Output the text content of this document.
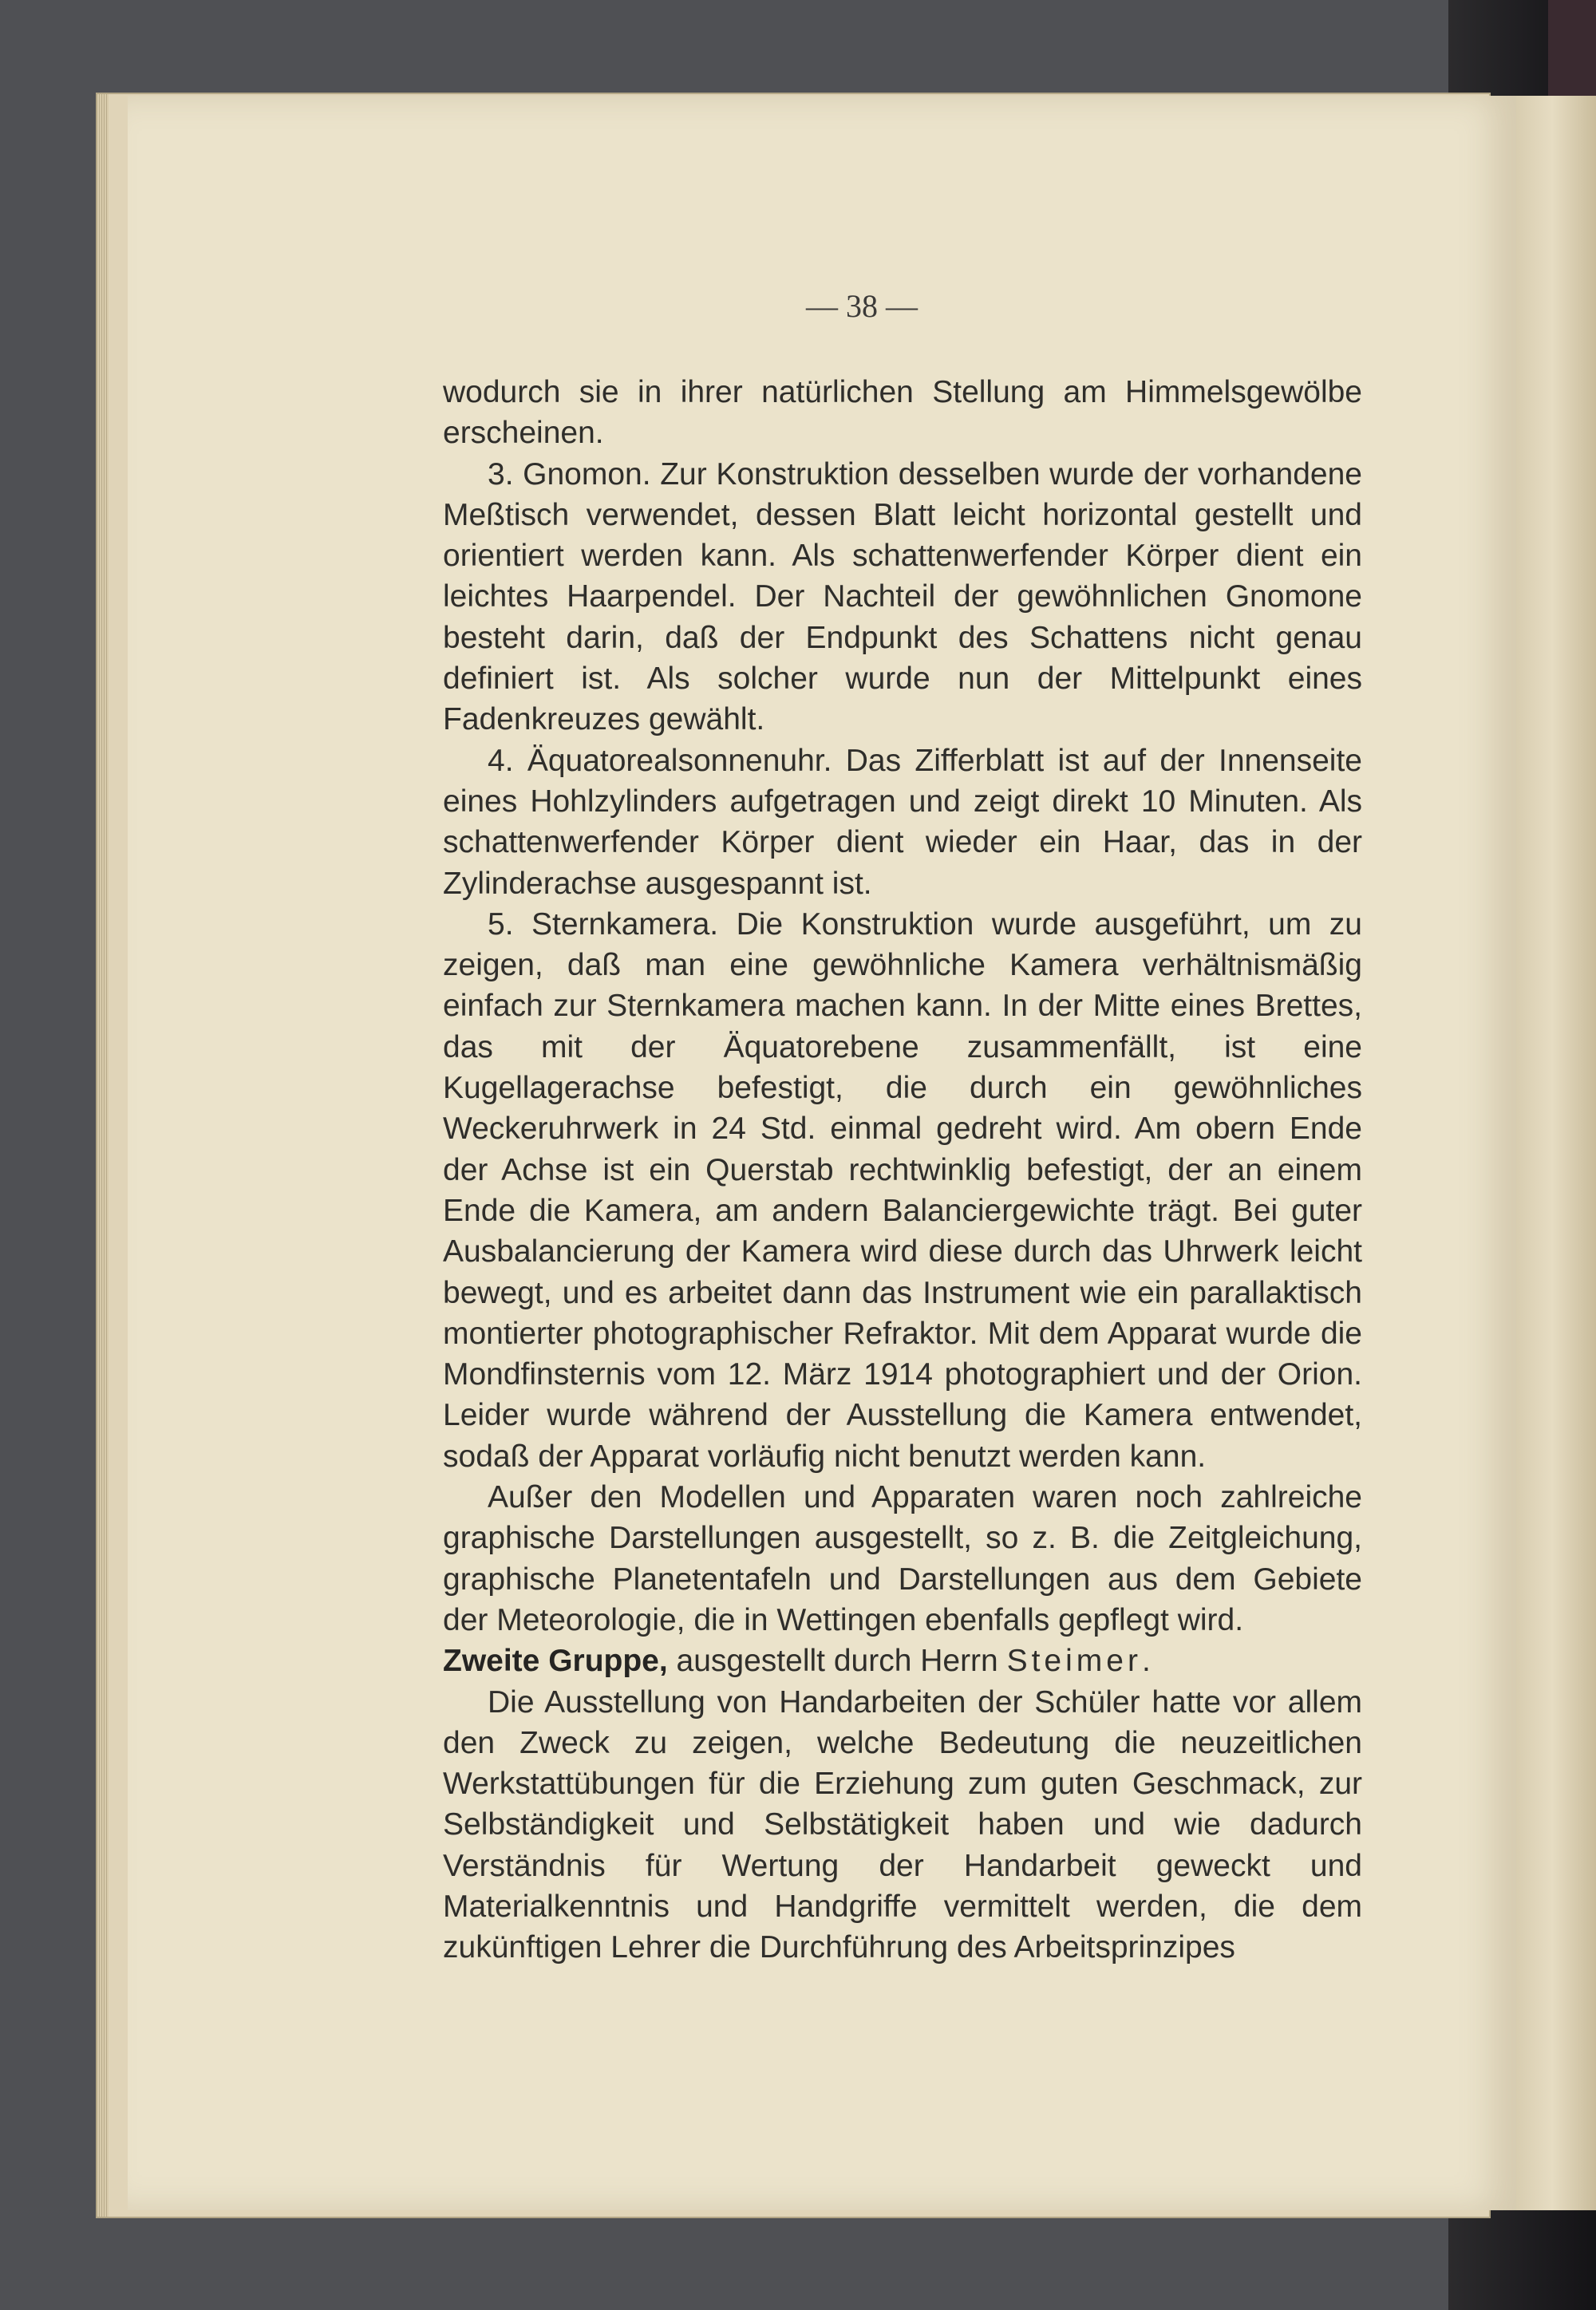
— 38 —

wodurch sie in ihrer natürlichen Stellung am Himmelsgewölbe erscheinen.

3. Gnomon. Zur Konstruktion desselben wurde der vorhandene Meßtisch verwendet, dessen Blatt leicht horizontal gestellt und orientiert werden kann. Als schattenwerfender Körper dient ein leichtes Haarpendel. Der Nachteil der gewöhnlichen Gnomone besteht darin, daß der Endpunkt des Schattens nicht genau definiert ist. Als solcher wurde nun der Mittelpunkt eines Fadenkreuzes gewählt.

4. Äquatorealsonnenuhr. Das Zifferblatt ist auf der Innenseite eines Hohlzylinders aufgetragen und zeigt direkt 10 Minuten. Als schattenwerfender Körper dient wieder ein Haar, das in der Zylinderachse ausgespannt ist.

5. Sternkamera. Die Konstruktion wurde ausgeführt, um zu zeigen, daß man eine gewöhnliche Kamera verhältnismäßig einfach zur Sternkamera machen kann. In der Mitte eines Brettes, das mit der Äquatorebene zusammenfällt, ist eine Kugellagerachse befestigt, die durch ein gewöhnliches Weckeruhrwerk in 24 Std. einmal gedreht wird. Am obern Ende der Achse ist ein Querstab rechtwinklig befestigt, der an einem Ende die Kamera, am andern Balanciergewichte trägt. Bei guter Ausbalancierung der Kamera wird diese durch das Uhrwerk leicht bewegt, und es arbeitet dann das Instrument wie ein parallaktisch montierter photographischer Refraktor. Mit dem Apparat wurde die Mondfinsternis vom 12. März 1914 photographiert und der Orion. Leider wurde während der Ausstellung die Kamera entwendet, sodaß der Apparat vorläufig nicht benutzt werden kann.

Außer den Modellen und Apparaten waren noch zahlreiche graphische Darstellungen ausgestellt, so z. B. die Zeitgleichung, graphische Planetentafeln und Darstellungen aus dem Gebiete der Meteorologie, die in Wettingen ebenfalls gepflegt wird.

Zweite Gruppe, ausgestellt durch Herrn Steimer.

Die Ausstellung von Handarbeiten der Schüler hatte vor allem den Zweck zu zeigen, welche Bedeutung die neuzeitlichen Werkstattübungen für die Erziehung zum guten Geschmack, zur Selbständigkeit und Selbstätigkeit haben und wie dadurch Verständnis für Wertung der Handarbeit geweckt und Materialkenntnis und Handgriffe vermittelt werden, die dem zukünftigen Lehrer die Durchführung des Arbeitsprinzipes
